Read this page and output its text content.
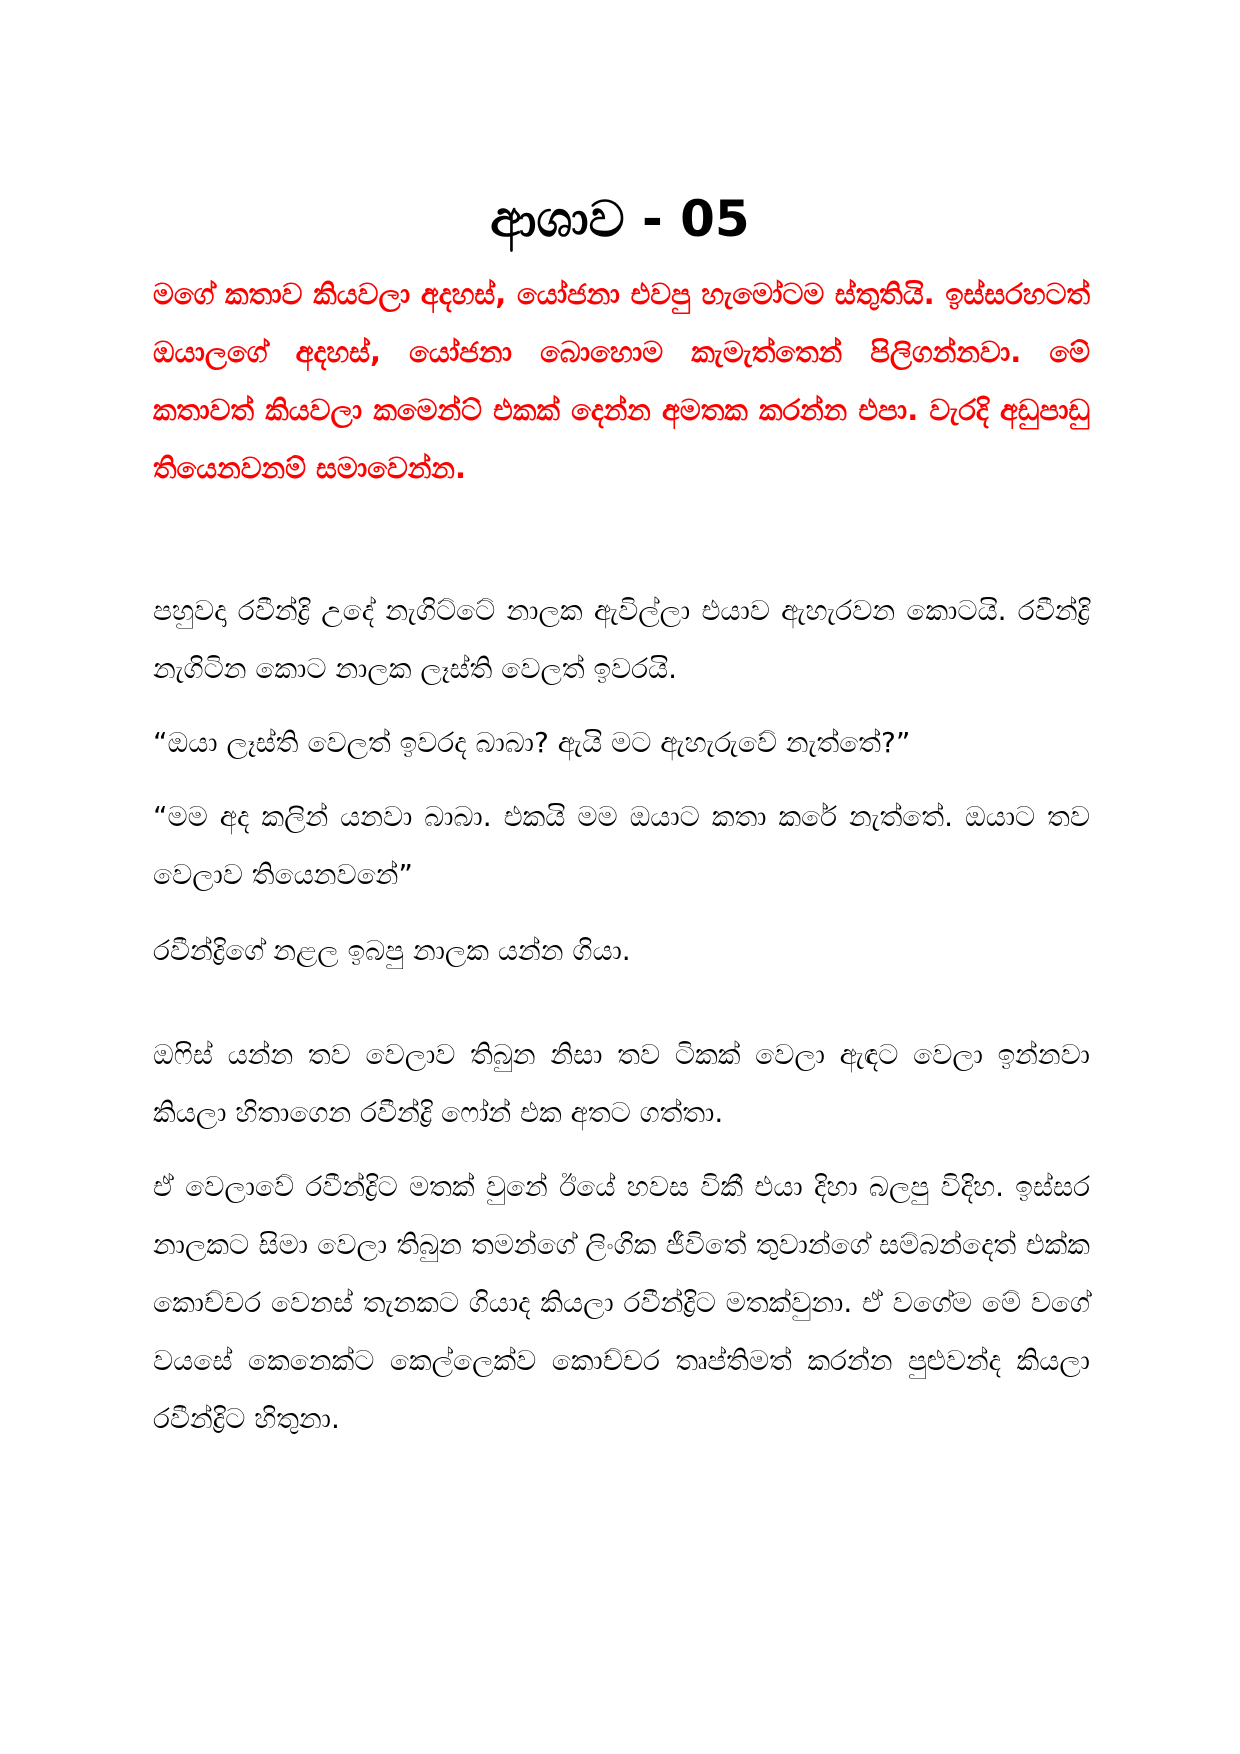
ආශාව - 05

මගේ කතාව කියවලා අදහස්, යෝජනා එවපු හැමෝටම ස්තුතියි. ඉස්සරහටත් ඔයාලගේ අදහස්, යෝජනා බොහොම කැමැත්තෙන් පිලිගන්නවා. මේ කතාවත් කියවලා කමෙන්ට් එකක් දෙන්න අමතක කරන්න එපා. වැරදි අඩුපාඩු තියෙනවනම් සමාවෙන්න.

පහුවදා රවීන්ද්‍රි උදේ නැගිට්ටේ නාලක ඇවිල්ලා එයාව ඇහැරවන කොටයි. රවීන්ද්‍රි නැගිටින කොට නාලක ලෑස්ති වෙලත් ඉවරයි.

“ඔයා ලෑස්ති වෙලත් ඉවරද බාබා? ඇයි මට ඇහැරුවේ නැත්තේ?”

“මම අද කලින් යනවා බාබා. එකයි මම ඔයාට කතා කරේ නැත්තේ. ඔයාට තව වෙලාව තියෙනවනේ”

රවීන්ද්‍රිගේ නළල ඉබපු නාලක යන්න ගියා.

ඔෆිස් යන්න තව වෙලාව තිබුන නිසා තව ටිකක් වෙලා ඇඳට වෙලා ඉන්නවා කියලා හිතාගෙන රවීන්ද්‍රි ෆෝන් එක අතට ගත්තා.

ඒ වෙලාවේ රවීන්ද්‍රිට මතක් වුනේ ඊයේ හවස විකී එයා දිහා බලපු විදිහ. ඉස්සර නාලකට සිමා වෙලා තිබුන තමන්ගේ ලිංගික ජීවිතේ තුවාන්ගේ සම්බන්දෙත් එක්ක කොච්චර වෙනස් තැනකට ගියාද කියලා රවීන්ද්‍රිට මතක්වුනා. ඒ වගේම මේ වගේ වයසේ කෙනෙක්ට කෙල්ලෙක්ව කොච්චර තෘප්තිමත් කරන්න පුළුවන්ද කියලා රවීන්ද්‍රිට හිතුනා.
